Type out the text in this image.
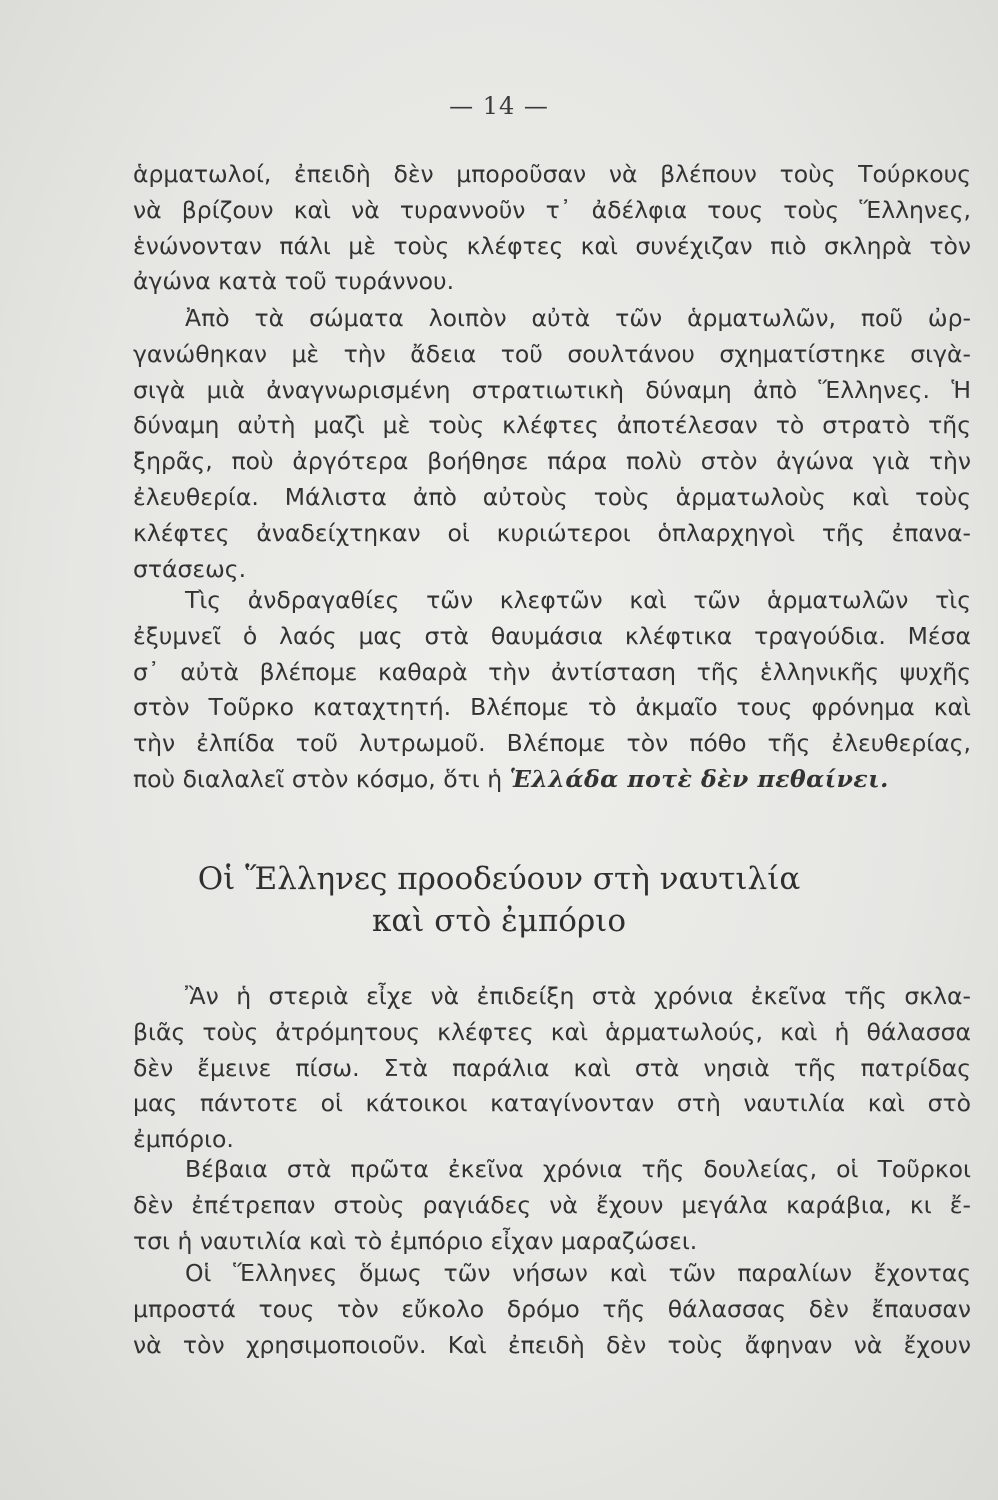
— 14 —
ἁρματωλοί, ἐπειδὴ δὲν μποροῦσαν νὰ βλέπουν τοὺς Τούρκους
νὰ βρίζουν καὶ νὰ τυραννοῦν τ᾿ ἀδέλφια τους τοὺς Ἕλληνες,
ἑνώνονταν πάλι μὲ τοὺς κλέφτες καὶ συνέχιζαν πιὸ σκληρὰ τὸν
ἀγώνα κατὰ τοῦ τυράννου.
Ἀπὸ τὰ σώματα λοιπὸν αὐτὰ τῶν ἁρματωλῶν, ποῦ ὠρ-
γανώθηκαν μὲ τὴν ἄδεια τοῦ σουλτάνου σχηματίστηκε σιγὰ-
σιγὰ μιὰ ἀναγνωρισμένη στρατιωτικὴ δύναμη ἀπὸ Ἕλληνες. Ἡ
δύναμη αὐτὴ μαζὶ μὲ τοὺς κλέφτες ἀποτέλεσαν τὸ στρατὸ τῆς
ξηρᾶς, ποὺ ἀργότερα βοήθησε πάρα πολὺ στὸν ἀγώνα γιὰ τὴν
ἐλευθερία. Μάλιστα ἀπὸ αὐτοὺς τοὺς ἁρματωλοὺς καὶ τοὺς
κλέφτες ἀναδείχτηκαν οἱ κυριώτεροι ὁπλαρχηγοὶ τῆς ἐπανα-
στάσεως.
Τὶς ἀνδραγαθίες τῶν κλεφτῶν καὶ τῶν ἁρματωλῶν τὶς
ἐξυμνεῖ ὁ λαός μας στὰ θαυμάσια κλέφτικα τραγούδια. Μέσα
σ᾿ αὐτὰ βλέπομε καθαρὰ τὴν ἀντίσταση τῆς ἑλληνικῆς ψυχῆς
στὸν Τοῦρκο καταχτητή. Βλέπομε τὸ ἀκμαῖο τους φρόνημα καὶ
τὴν ἐλπίδα τοῦ λυτρωμοῦ. Βλέπομε τὸν πόθο τῆς ἐλευθερίας,
ποὺ διαλαλεῖ στὸν κόσμο, ὅτι ἡ Ἑλλάδα ποτὲ δὲν πεθαίνει.
Οἱ Ἕλληνες προοδεύουν στὴ ναυτιλία
καὶ στὸ ἐμπόριο
Ἂν ἡ στεριὰ εἶχε νὰ ἐπιδείξη στὰ χρόνια ἐκεῖνα τῆς σκλα-
βιᾶς τοὺς ἀτρόμητους κλέφτες καὶ ἁρματωλούς, καὶ ἡ θάλασσα
δὲν ἔμεινε πίσω. Στὰ παράλια καὶ στὰ νησιὰ τῆς πατρίδας
μας πάντοτε οἱ κάτοικοι καταγίνονταν στὴ ναυτιλία καὶ στὸ
ἐμπόριο.
Βέβαια στὰ πρῶτα ἐκεῖνα χρόνια τῆς δουλείας, οἱ Τοῦρκοι
δὲν ἐπέτρεπαν στοὺς ραγιάδες νὰ ἔχουν μεγάλα καράβια, κι ἔ-
τσι ἡ ναυτιλία καὶ τὸ ἐμπόριο εἶχαν μαραζώσει.
Οἱ Ἕλληνες ὅμως τῶν νήσων καὶ τῶν παραλίων ἔχοντας
μπροστά τους τὸν εὔκολο δρόμο τῆς θάλασσας δὲν ἔπαυσαν
νὰ τὸν χρησιμοποιοῦν. Καὶ ἐπειδὴ δὲν τοὺς ἄφηναν νὰ ἔχουν
